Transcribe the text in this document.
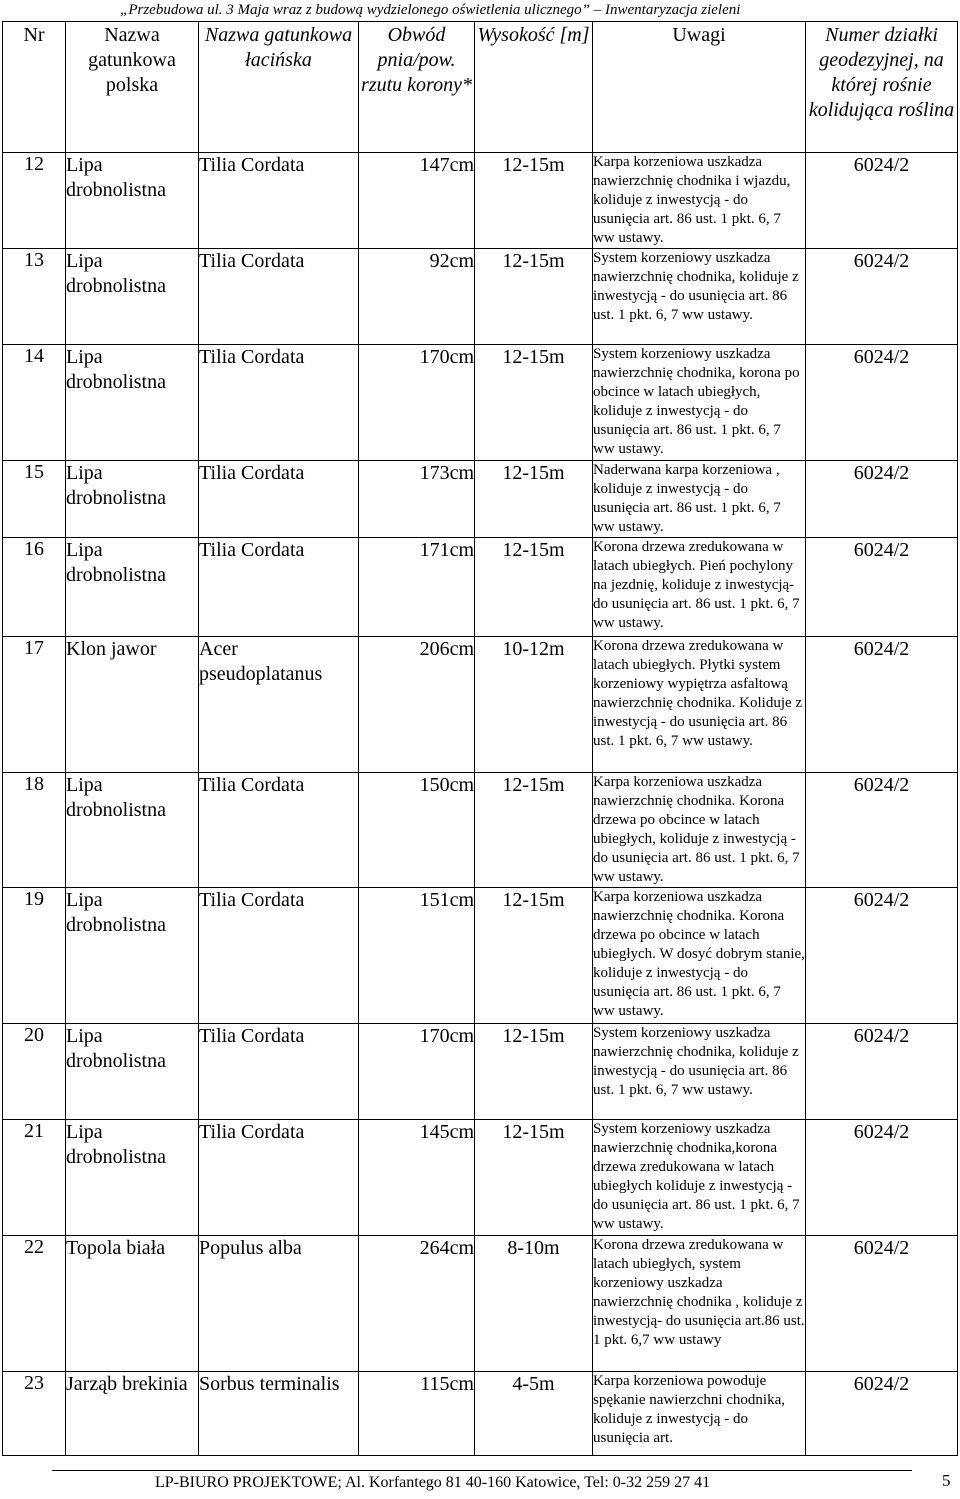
„Przebudowa ul. 3 Maja wraz z budową wydzielonego oświetlenia ulicznego” – Inwentaryzacja zieleni
Nr	Nazwa gatunkowa polska	Nazwa gatunkowa łacińska	Obwód pnia/pow. rzutu korony*	Wysokość [m]	Uwagi	Numer działki geodezyjnej, na której rośnie kolidująca roślina
12	Lipa drobnolistna	Tilia Cordata	147cm	12-15m	Karpa korzeniowa uszkadza nawierzchnię chodnika i wjazdu, koliduje z inwestycją - do usunięcia art. 86 ust. 1 pkt. 6, 7 ww ustawy.	6024/2
13	Lipa drobnolistna	Tilia Cordata	92cm	12-15m	System korzeniowy uszkadza nawierzchnię chodnika, koliduje z inwestycją - do usunięcia art. 86 ust. 1 pkt. 6, 7 ww ustawy.	6024/2
14	Lipa drobnolistna	Tilia Cordata	170cm	12-15m	System korzeniowy uszkadza nawierzchnię chodnika, korona po obcince w latach ubiegłych, koliduje z inwestycją - do usunięcia art. 86 ust. 1 pkt. 6, 7 ww ustawy.	6024/2
15	Lipa drobnolistna	Tilia Cordata	173cm	12-15m	Naderwana karpa korzeniowa , koliduje z inwestycją - do usunięcia art. 86 ust. 1 pkt. 6, 7 ww ustawy.	6024/2
16	Lipa drobnolistna	Tilia Cordata	171cm	12-15m	Korona drzewa zredukowana w latach ubiegłych. Pień pochylony na jezdnię, koliduje z inwestycją-do usunięcia art. 86 ust. 1 pkt. 6, 7 ww ustawy.	6024/2
17	Klon jawor	Acer pseudoplatanus	206cm	10-12m	Korona drzewa zredukowana w latach ubiegłych. Płytki system korzeniowy wypiętrza asfaltową nawierzchnię chodnika. Koliduje z inwestycją - do usunięcia art. 86 ust. 1 pkt. 6, 7 ww ustawy.	6024/2
18	Lipa drobnolistna	Tilia Cordata	150cm	12-15m	Karpa korzeniowa uszkadza nawierzchnię chodnika. Korona drzewa po obcince w latach ubiegłych, koliduje z inwestycją - do usunięcia art. 86 ust. 1 pkt. 6, 7 ww ustawy.	6024/2
19	Lipa drobnolistna	Tilia Cordata	151cm	12-15m	Karpa korzeniowa uszkadza nawierzchnię chodnika. Korona drzewa po obcince w latach ubiegłych. W dosyć dobrym stanie, koliduje z inwestycją - do usunięcia art. 86 ust. 1 pkt. 6, 7 ww ustawy.	6024/2
20	Lipa drobnolistna	Tilia Cordata	170cm	12-15m	System korzeniowy uszkadza nawierzchnię chodnika, koliduje z inwestycją - do usunięcia art. 86 ust. 1 pkt. 6, 7 ww ustawy.	6024/2
21	Lipa drobnolistna	Tilia Cordata	145cm	12-15m	System korzeniowy uszkadza nawierzchnię chodnika,korona drzewa zredukowana w latach ubiegłych koliduje z inwestycją - do usunięcia art. 86 ust. 1 pkt. 6, 7 ww ustawy.	6024/2
22	Topola biała	Populus alba	264cm	8-10m	Korona drzewa zredukowana w latach ubiegłych, system korzeniowy uszkadza nawierzchnię chodnika , koliduje z inwestycją- do usunięcia art.86 ust. 1 pkt. 6,7 ww ustawy	6024/2
23	Jarząb brekinia	Sorbus terminalis	115cm	4-5m	Karpa korzeniowa powoduje spękanie nawierzchni chodnika, koliduje z inwestycją - do usunięcia art.	6024/2
LP-BIURO PROJEKTOWE; Al. Korfantego 81 40-160 Katowice, Tel: 0-32 259 27 41	5
